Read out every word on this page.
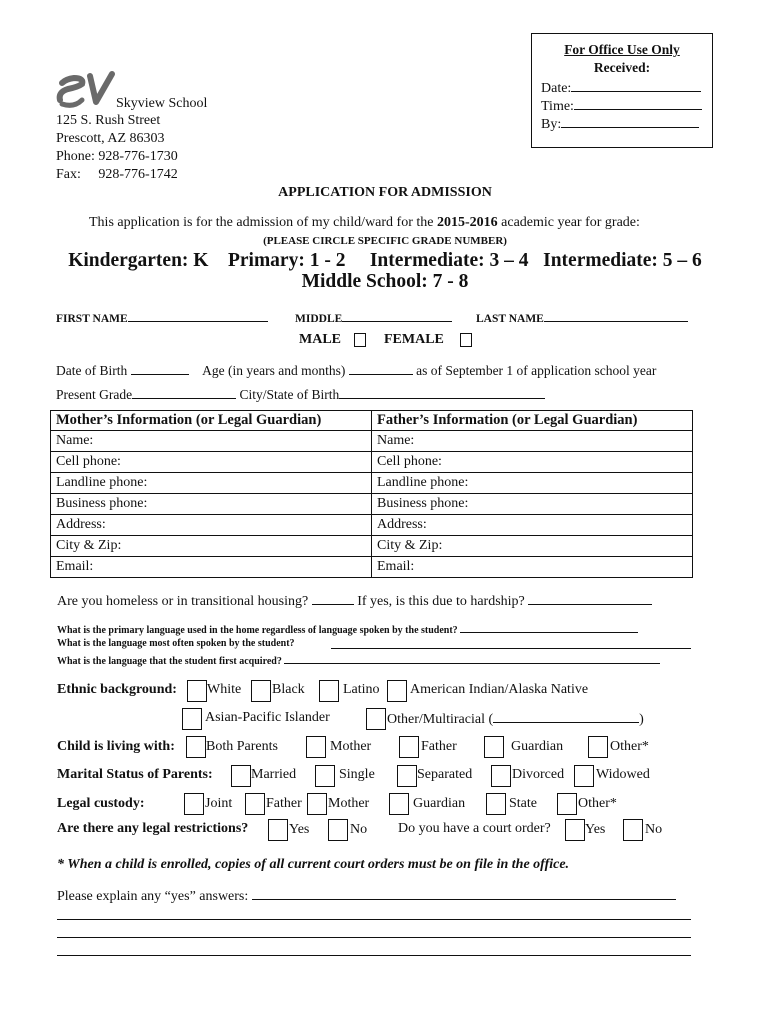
For Office Use Only
Received:
Date:
Time:
By:
SV
Skyview School
125 S. Rush Street
Prescott, AZ 86303
Phone: 928-776-1730
Fax:     928-776-1742
APPLICATION FOR ADMISSION
This application is for the admission of my child/ward for the 2015-2016 academic year for grade:
(PLEASE CIRCLE SPECIFIC GRADE NUMBER)
Kindergarten: K    Primary: 1 - 2     Intermediate: 3 – 4   Intermediate: 5 – 6
Middle School: 7 - 8
FIRST NAME	MIDDLE	LAST NAME
MALE	FEMALE
Date of Birth	Age (in years and months)	as of September 1 of application school year
Present Grade	City/State of Birth
Mother’s Information (or Legal Guardian)	Father’s Information (or Legal Guardian)
Name:	Name:
Cell phone:	Cell phone:
Landline phone:	Landline phone:
Business phone:	Business phone:
Address:	Address:
City & Zip:	City & Zip:
Email:	Email:
Are you homeless or in transitional housing?	If yes, is this due to hardship?
What is the primary language used in the home regardless of language spoken by the student?
What is the language most often spoken by the student?
What is the language that the student first acquired?
Ethnic background: White Black	Latino American Indian/Alaska Native
Asian-Pacific Islander	Other/Multiracial (	)
Child is living with: Both Parents	Mother	Father	Guardian	Other*
Marital Status of Parents:	Married	Single	Separated	Divorced Widowed
Legal custody:	Joint Father Mother	Guardian	State	Other*
Are there any legal restrictions?	Yes	No Do you have a court order? Yes	No
* When a child is enrolled, copies of all current court orders must be on file in the office.
Please explain any “yes” answers:
